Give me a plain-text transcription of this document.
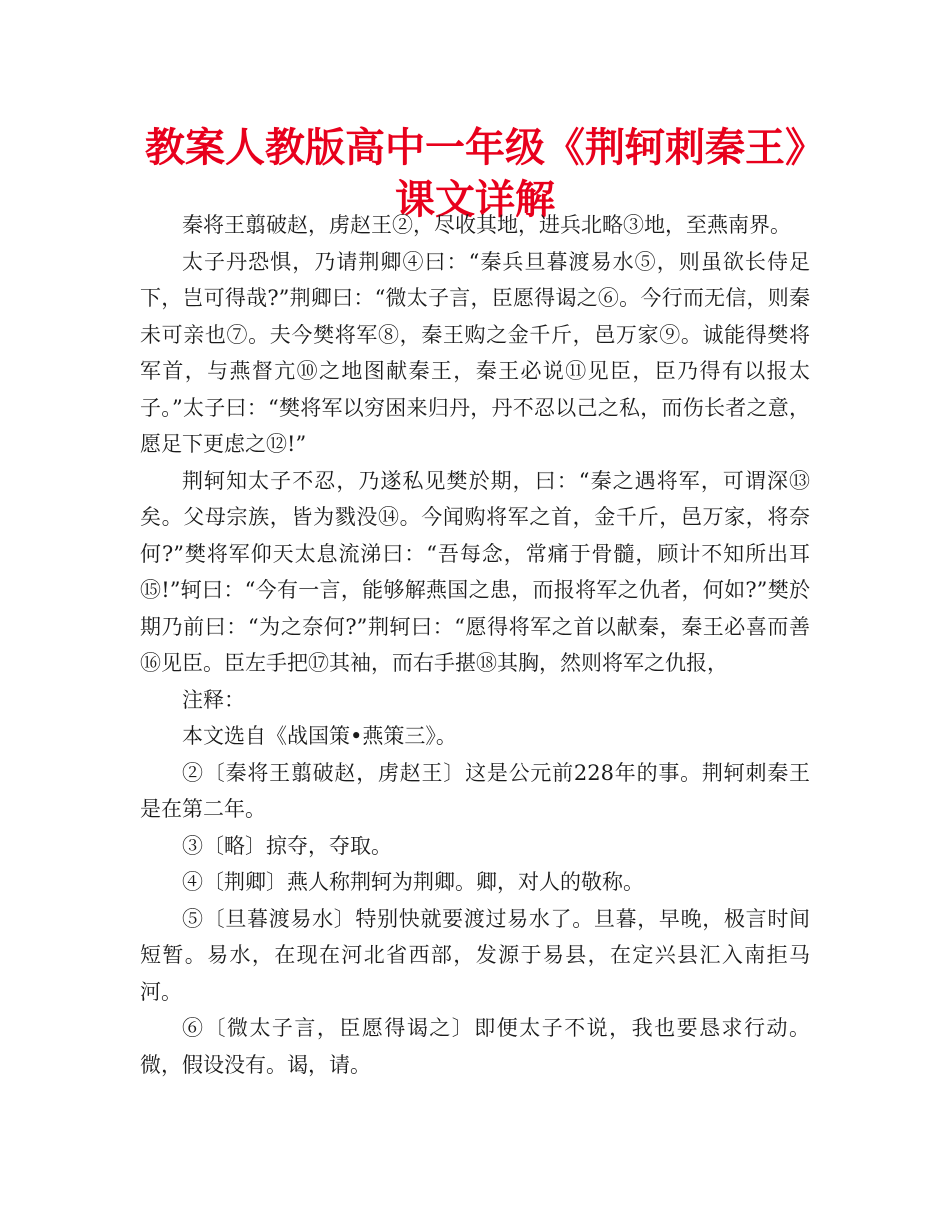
教案人教版高中一年级《荆轲刺秦王》课文详解

秦将王翦破赵，虏赵王②，尽收其地，进兵北略③地，至燕南界。

太子丹恐惧，乃请荆卿④曰：“秦兵旦暮渡易水⑤，则虽欲长侍足下，岂可得哉?”荆卿曰：“微太子言，臣愿得谒之⑥。今行而无信，则秦未可亲也⑦。夫今樊将军⑧，秦王购之金千斤，邑万家⑨。诚能得樊将军首，与燕督亢⑩之地图献秦王，秦王必说⑪见臣，臣乃得有以报太子。”太子曰：“樊将军以穷困来归丹，丹不忍以己之私，而伤长者之意，愿足下更虑之⑫!”

荆轲知太子不忍，乃遂私见樊於期，曰：“秦之遇将军，可谓深⑬矣。父母宗族，皆为戮没⑭。今闻购将军之首，金千斤，邑万家，将奈何?”樊将军仰天太息流涕曰：“吾每念，常痛于骨髓，顾计不知所出耳⑮!”轲曰：“今有一言，能够解燕国之患，而报将军之仇者，何如?”樊於期乃前曰：“为之奈何?”荆轲曰：“愿得将军之首以献秦，秦王必喜而善⑯见臣。臣左手把⑰其袖，而右手揕⑱其胸，然则将军之仇报，

注释：

本文选自《战国策•燕策三》。

②〔秦将王翦破赵，虏赵王〕这是公元前228年的事。荆轲刺秦王是在第二年。

③〔略〕掠夺，夺取。

④〔荆卿〕燕人称荆轲为荆卿。卿，对人的敬称。

⑤〔旦暮渡易水〕特别快就要渡过易水了。旦暮，早晚，极言时间短暂。易水，在现在河北省西部，发源于易县，在定兴县汇入南拒马河。

⑥〔微太子言，臣愿得谒之〕即便太子不说，我也要恳求行动。微，假设没有。谒，请。
